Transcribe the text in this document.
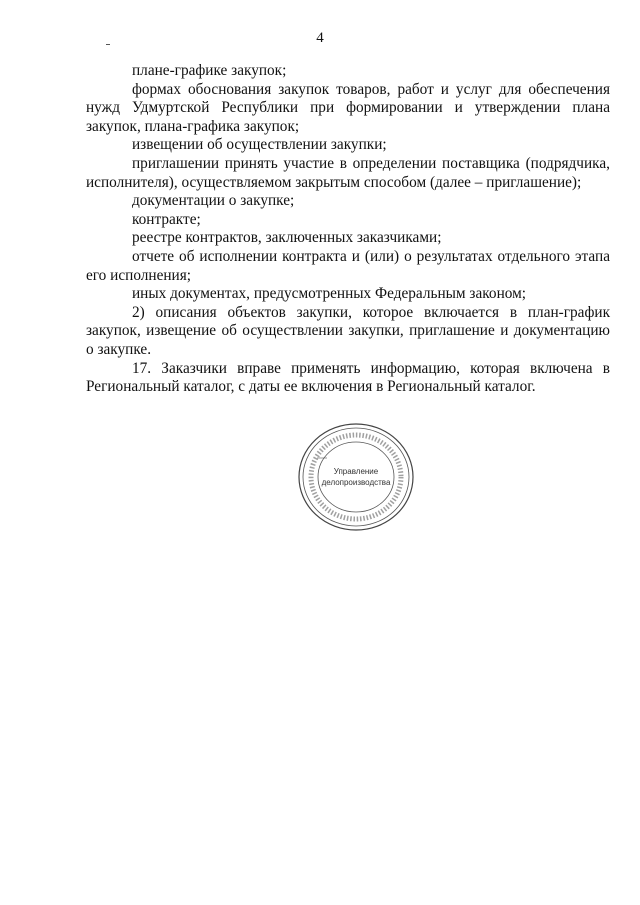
4

плане-графике закупок;

формах обоснования закупок товаров, работ и услуг для обеспечения нужд Удмуртской Республики при формировании и утверждении плана закупок, плана-графика закупок;

извещении об осуществлении закупки;

приглашении принять участие в определении поставщика (подрядчика, исполнителя), осуществляемом закрытым способом (далее – приглашение);

документации о закупке;

контракте;

реестре контрактов, заключенных заказчиками;

отчете об исполнении контракта и (или) о результатах отдельного этапа его исполнения;

иных документах, предусмотренных Федеральным законом;

2) описания объектов закупки, которое включается в план-график закупок, извещение об осуществлении закупки, приглашение и документацию о закупке.

17. Заказчики вправе применять информацию, которая включена в Региональный каталог, с даты ее включения в Региональный каталог.

Управление
делопроизводства
